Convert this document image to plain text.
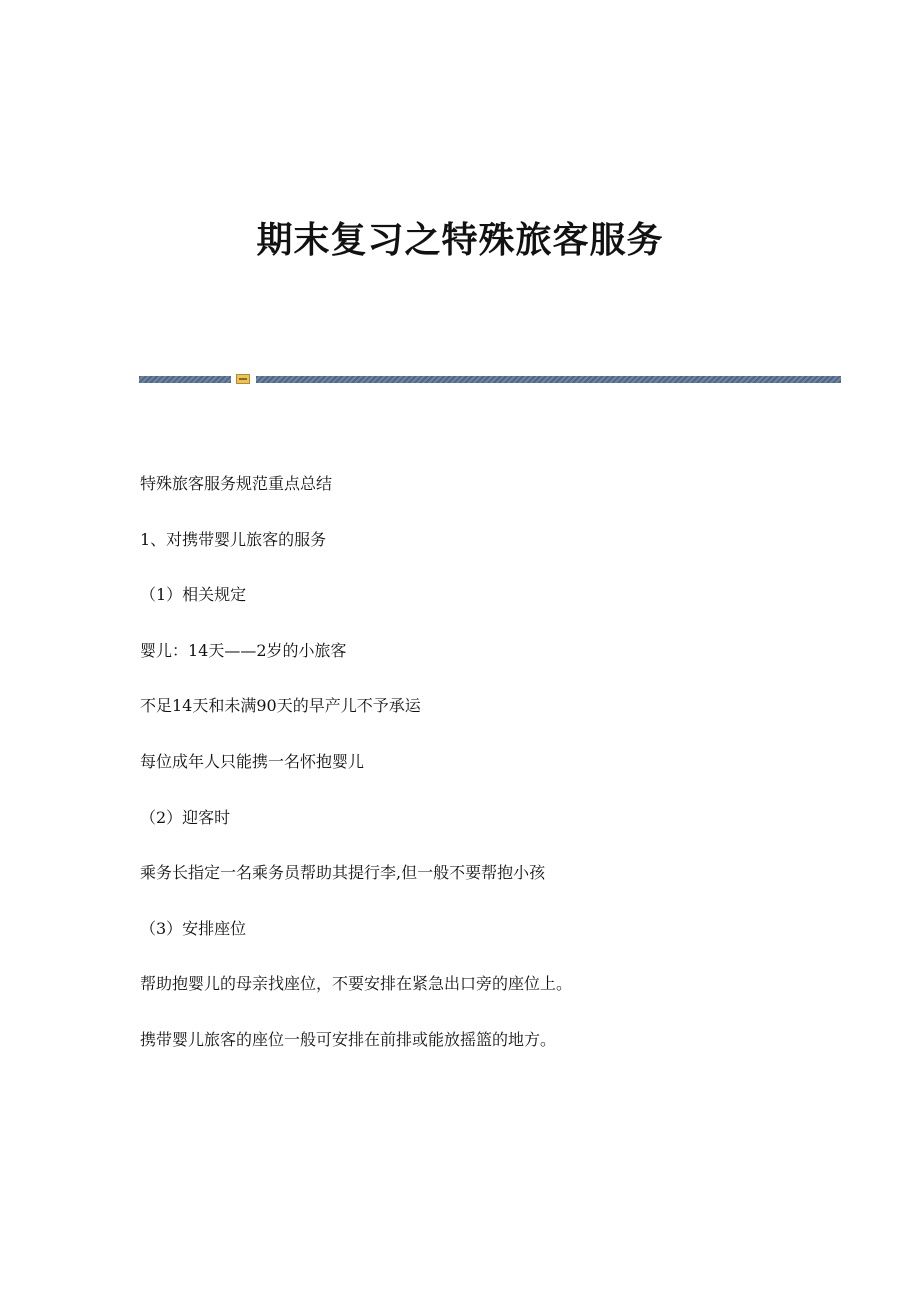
期末复习之特殊旅客服务

特殊旅客服务规范重点总结

1、对携带婴儿旅客的服务

（1）相关规定

婴儿：14天——2岁的小旅客

不足14天和未满90天的早产儿不予承运

每位成年人只能携一名怀抱婴儿

（2）迎客时

乘务长指定一名乘务员帮助其提行李,但一般不要帮抱小孩

（3）安排座位

帮助抱婴儿的母亲找座位，不要安排在紧急出口旁的座位上。

携带婴儿旅客的座位一般可安排在前排或能放摇篮的地方。
